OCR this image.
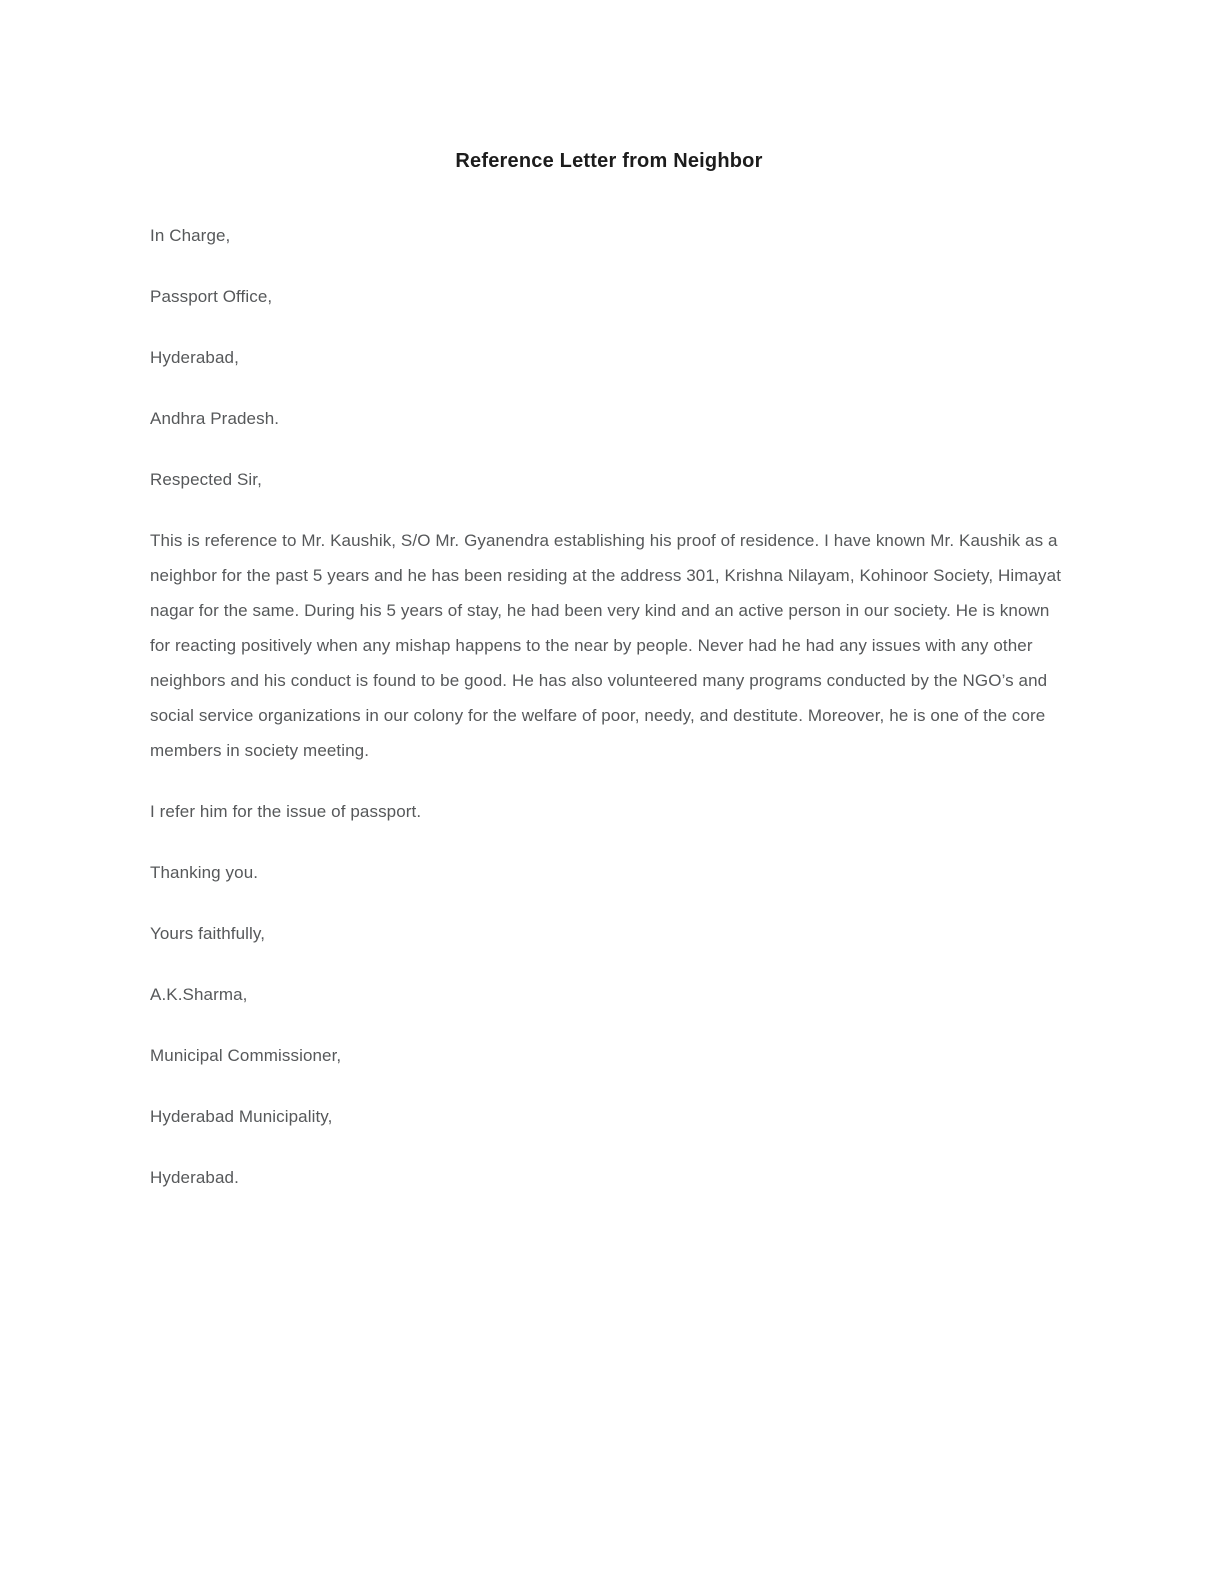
Reference Letter from Neighbor

In Charge,

Passport Office,

Hyderabad,

Andhra Pradesh.

Respected Sir,

This is reference to Mr. Kaushik, S/O Mr. Gyanendra establishing his proof of residence. I have known Mr. Kaushik as a neighbor for the past 5 years and he has been residing at the address 301, Krishna Nilayam, Kohinoor Society, Himayat nagar for the same. During his 5 years of stay, he had been very kind and an active person in our society. He is known for reacting positively when any mishap happens to the near by people. Never had he had any issues with any other neighbors and his conduct is found to be good. He has also volunteered many programs conducted by the NGO’s and social service organizations in our colony for the welfare of poor, needy, and destitute. Moreover, he is one of the core members in society meeting.

I refer him for the issue of passport.

Thanking you.

Yours faithfully,

A.K.Sharma,

Municipal Commissioner,

Hyderabad Municipality,

Hyderabad.
